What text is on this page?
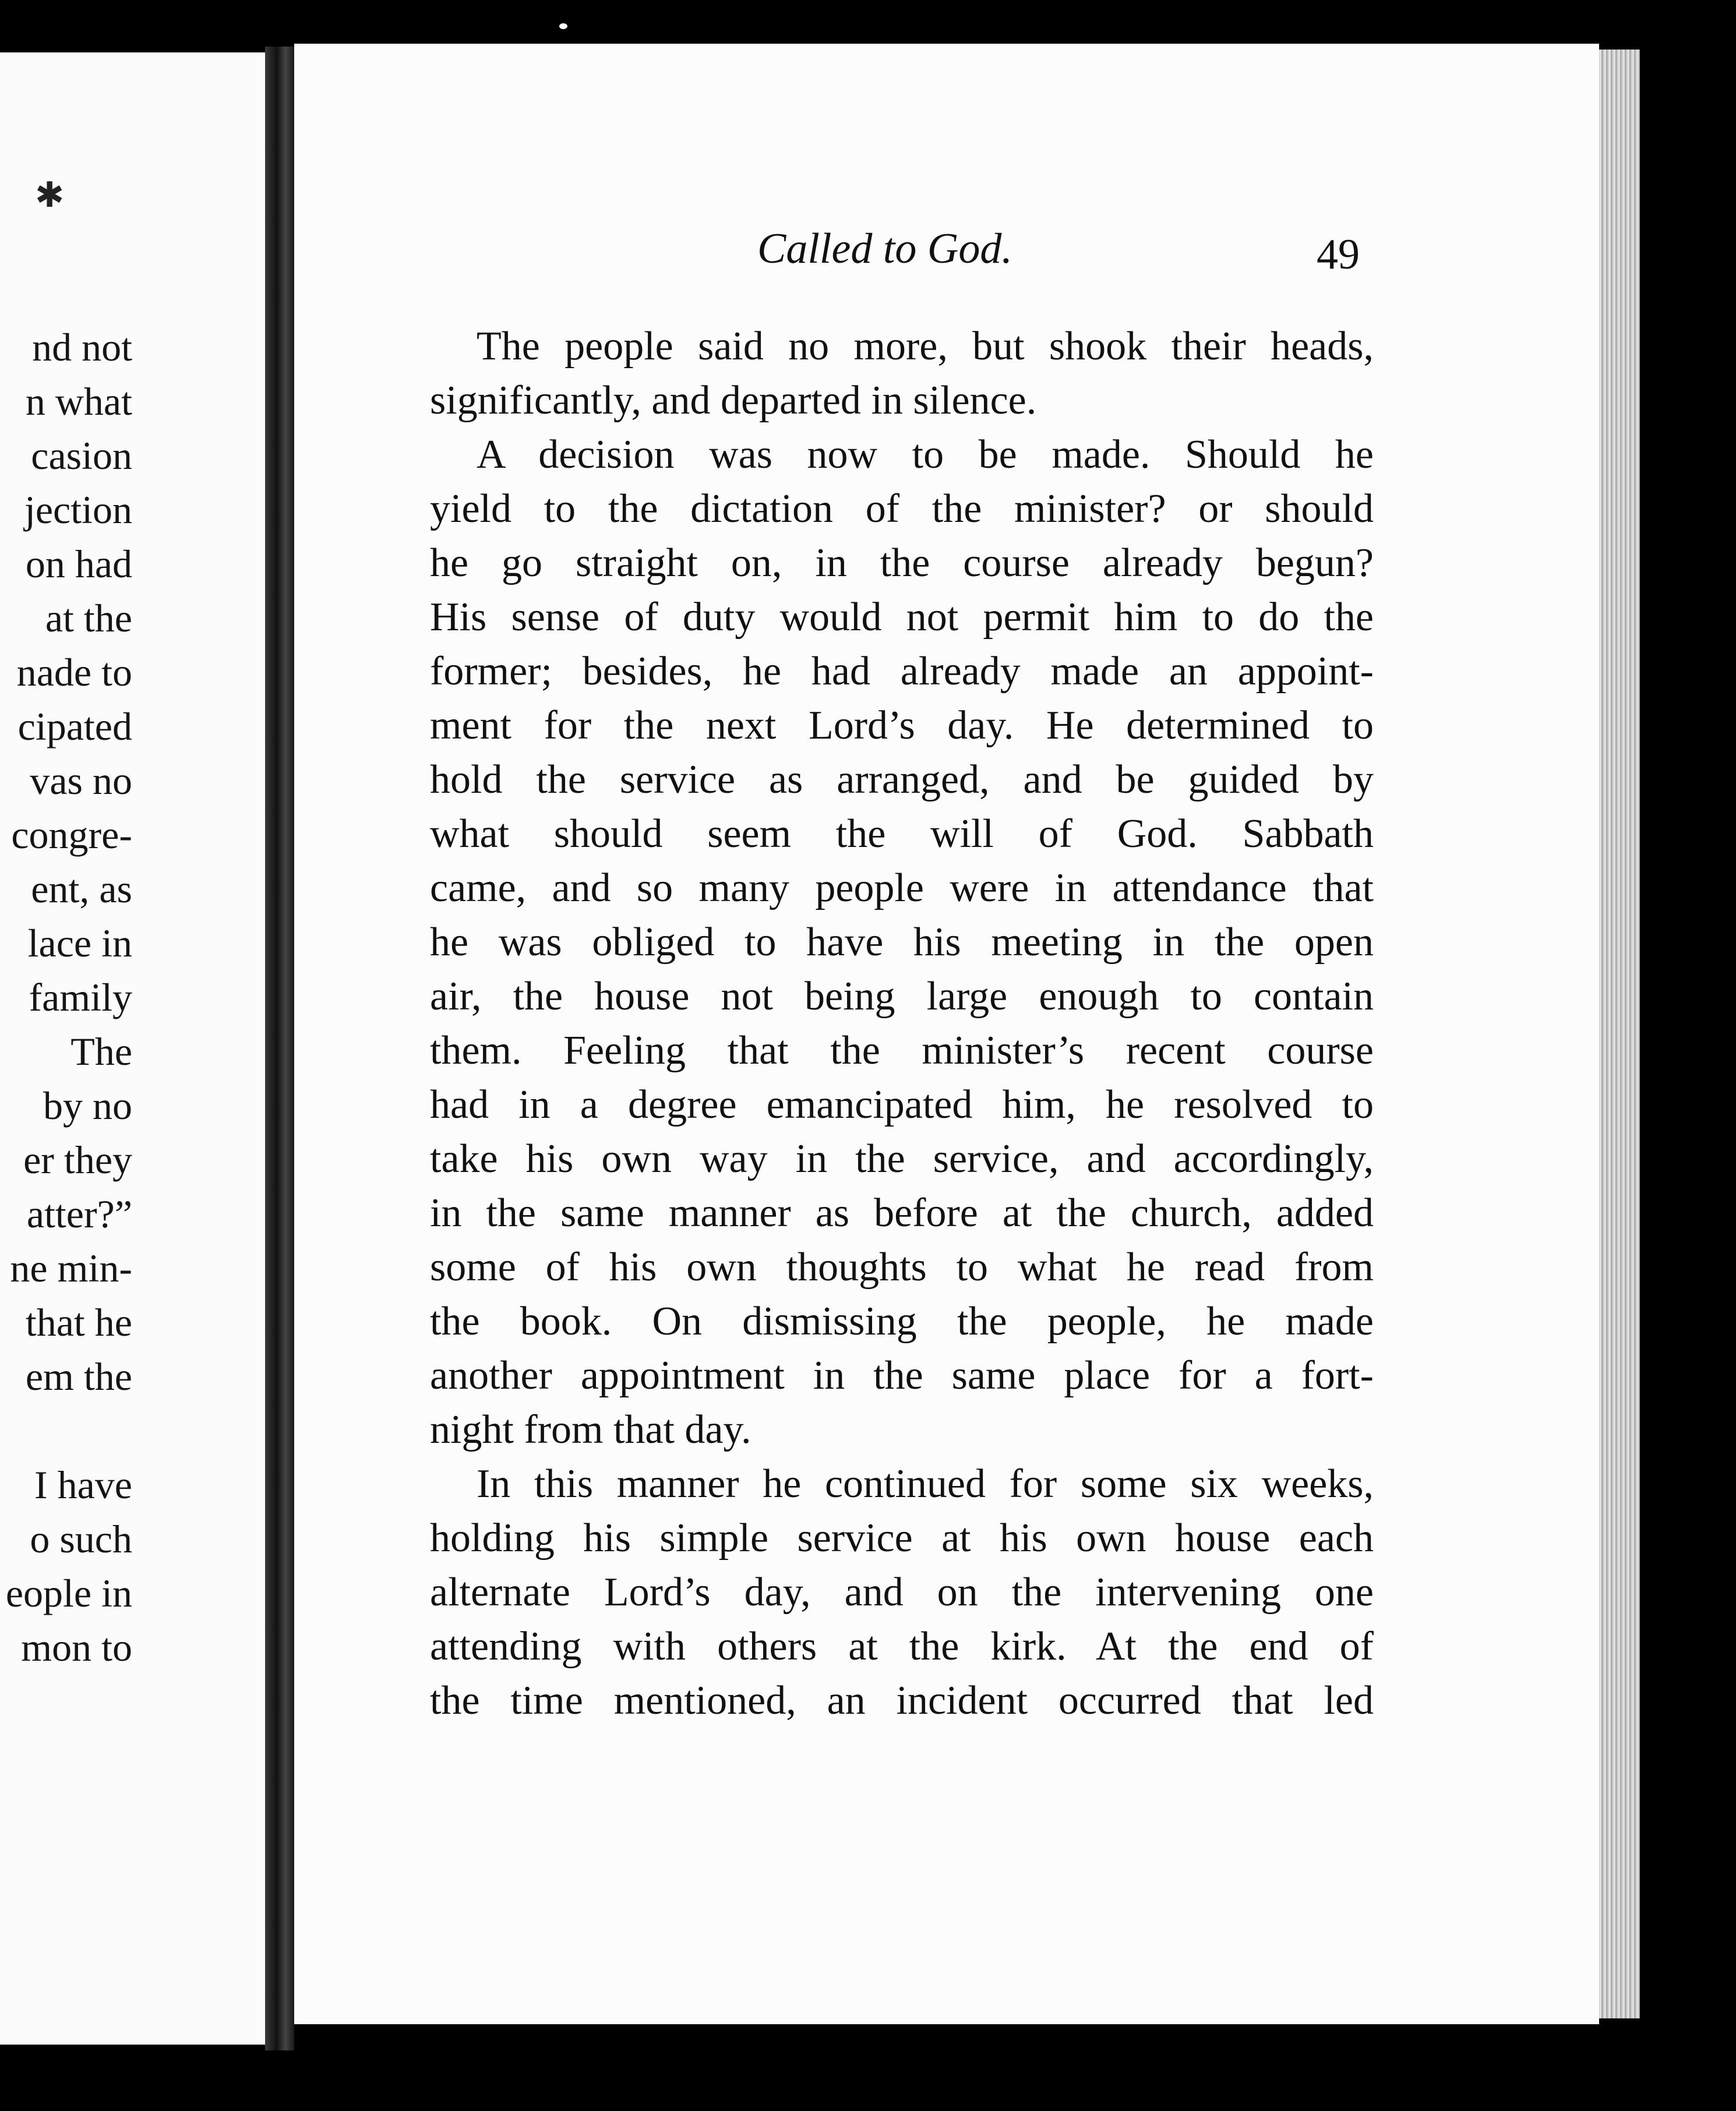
✱
nd not
n what
casion
jection
on had
at the
nade to
cipated
vas no
congre-
ent, as
lace in
family
The
by no
er they
atter?”
ne min-
that he
em the
I have
o such
eople in
mon to
Called to God.	49
The people said no more, but shook their heads,
significantly, and departed in silence.
A decision was now to be made. Should he
yield to the dictation of the minister? or should
he go straight on, in the course already begun?
His sense of duty would not permit him to do the
former; besides, he had already made an appoint-
ment for the next Lord’s day. He determined to
hold the service as arranged, and be guided by
what should seem the will of God. Sabbath
came, and so many people were in attendance that
he was obliged to have his meeting in the open
air, the house not being large enough to contain
them. Feeling that the minister’s recent course
had in a degree emancipated him, he resolved to
take his own way in the service, and accordingly,
in the same manner as before at the church, added
some of his own thoughts to what he read from
the book. On dismissing the people, he made
another appointment in the same place for a fort-
night from that day.
In this manner he continued for some six weeks,
holding his simple service at his own house each
alternate Lord’s day, and on the intervening one
attending with others at the kirk. At the end of
the time mentioned, an incident occurred that led
